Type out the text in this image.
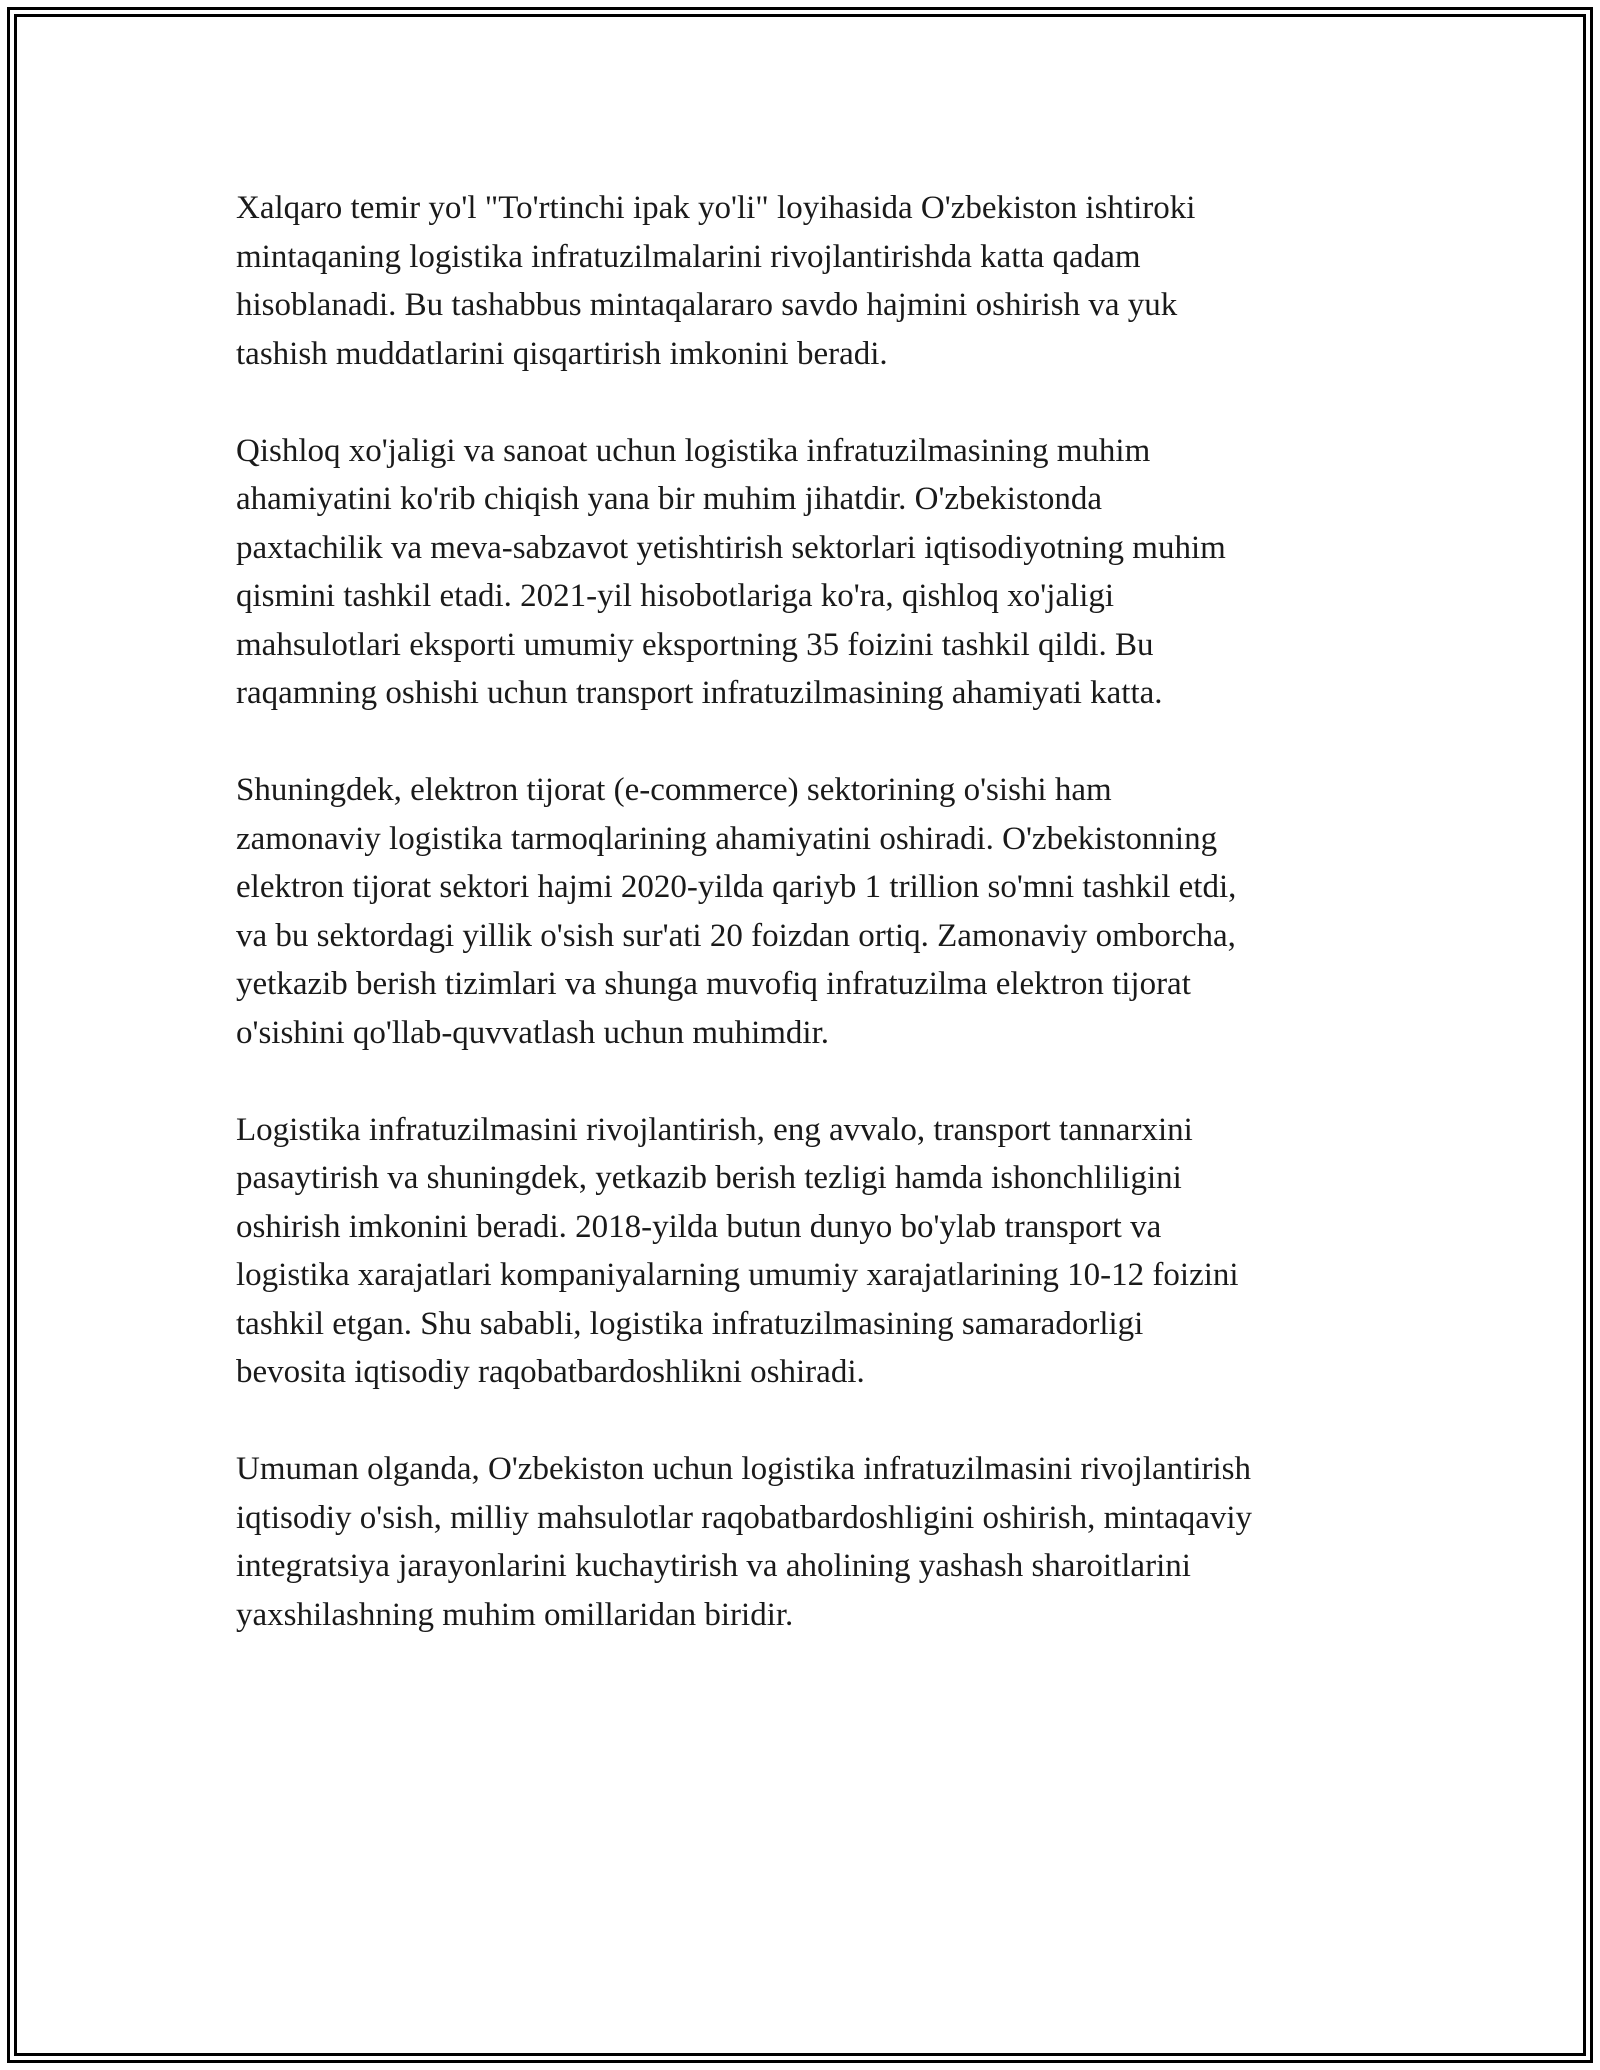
Xalqaro temir yo'l "To'rtinchi ipak yo'li" loyihasida O'zbekiston ishtiroki
mintaqaning logistika infratuzilmalarini rivojlantirishda katta qadam
hisoblanadi. Bu tashabbus mintaqalararo savdo hajmini oshirish va yuk
tashish muddatlarini qisqartirish imkonini beradi.

Qishloq xo'jaligi va sanoat uchun logistika infratuzilmasining muhim
ahamiyatini ko'rib chiqish yana bir muhim jihatdir. O'zbekistonda
paxtachilik va meva-sabzavot yetishtirish sektorlari iqtisodiyotning muhim
qismini tashkil etadi. 2021-yil hisobotlariga ko'ra, qishloq xo'jaligi
mahsulotlari eksporti umumiy eksportning 35 foizini tashkil qildi. Bu
raqamning oshishi uchun transport infratuzilmasining ahamiyati katta.

Shuningdek, elektron tijorat (e-commerce) sektorining o'sishi ham
zamonaviy logistika tarmoqlarining ahamiyatini oshiradi. O'zbekistonning
elektron tijorat sektori hajmi 2020-yilda qariyb 1 trillion so'mni tashkil etdi,
va bu sektordagi yillik o'sish sur'ati 20 foizdan ortiq. Zamonaviy omborcha,
yetkazib berish tizimlari va shunga muvofiq infratuzilma elektron tijorat
o'sishini qo'llab-quvvatlash uchun muhimdir.

Logistika infratuzilmasini rivojlantirish, eng avvalo, transport tannarxini
pasaytirish va shuningdek, yetkazib berish tezligi hamda ishonchliligini
oshirish imkonini beradi. 2018-yilda butun dunyo bo'ylab transport va
logistika xarajatlari kompaniyalarning umumiy xarajatlarining 10-12 foizini
tashkil etgan. Shu sababli, logistika infratuzilmasining samaradorligi
bevosita iqtisodiy raqobatbardoshlikni oshiradi.

Umuman olganda, O'zbekiston uchun logistika infratuzilmasini rivojlantirish
iqtisodiy o'sish, milliy mahsulotlar raqobatbardoshligini oshirish, mintaqaviy
integratsiya jarayonlarini kuchaytirish va aholining yashash sharoitlarini
yaxshilashning muhim omillaridan biridir.
